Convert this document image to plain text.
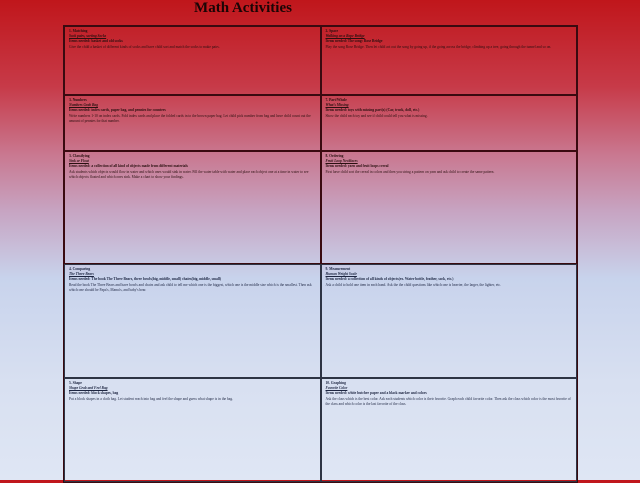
Math Activities
1. Matching
Sock pairs, sorting Socks
Items needed: basket and old socks
Give the child a basket of different kinds of socks and have child sort and match the socks to make pairs.
2. Space
Walking on a Rope Bridge
Items needed: The song: Rose Bridge
Play the song Rose Bridge. Then let child act out the song by going up, if the going across the bridge, climbing up a tree, going through the tunnel and so on.
3. Numbers
Numbers Grab Bag
Items needed: index cards, paper bag, and pennies for counters
Write numbers 1-10 on index cards. Fold index cards and place the folded cards in to the brown paper bag. Let child pick number from bag and have child count out the amount of pennies for that number.
7. Part/Whole
What's Missing
Items needed: toys with missing part(s) (Car, truck, doll, etc.)
Show the child each toy and see if child could tell you what is missing.
3. Classifying
Sink or Float
Items needed: a collection of all kind of objects made from different materials
Ask students which objects would flow in water and which ones would sink in water. Fill the water table with water and place each object one at a time in water to see which objects floated and which ones sink. Make a chart to show your findings.
8. Ordering
Fruit Loop Necklaces
Items needed: yarn and fruit loops cereal
First have child sort the cereal in colors and then you string a pattern on yarn and ask child to create the same pattern.
4. Comparing
The Three Bears
Items needed: The book The Three Bears, three bowls(big, middle, small) chairs(big, middle, small)
Read the book The Three Bears and have bowls and chairs and ask child to tell me which one is the biggest, which one is the middle size which is the smallest. Then ask which one should be Papa's, Mama's, and baby's bear.
9. Measurement
Human Weight Scale
Items needed: a collection of all kinds of objects(ex. Water bottle, feather, sock, etc.)
Ask a child to hold one item in each hand. Ask the the child questions like which one is heavier, the larger, the lighter, etc.
5. Shape
Shape Grab and Feel Bag
Items needed: block shapes, bag
Put a block shapes in a cloth bag. Let student reach into bag and feel the shape and guess what shape is in the bag.
10. Graphing
Favorite Color
Items needed: white butcher paper and a black marker and colors
Ask the class which is the best color. Ask each students which color is their favorite. Graph each child favorite color. Then ask the class which color is the most favorite of the class and which color is the last favorite of the class.
